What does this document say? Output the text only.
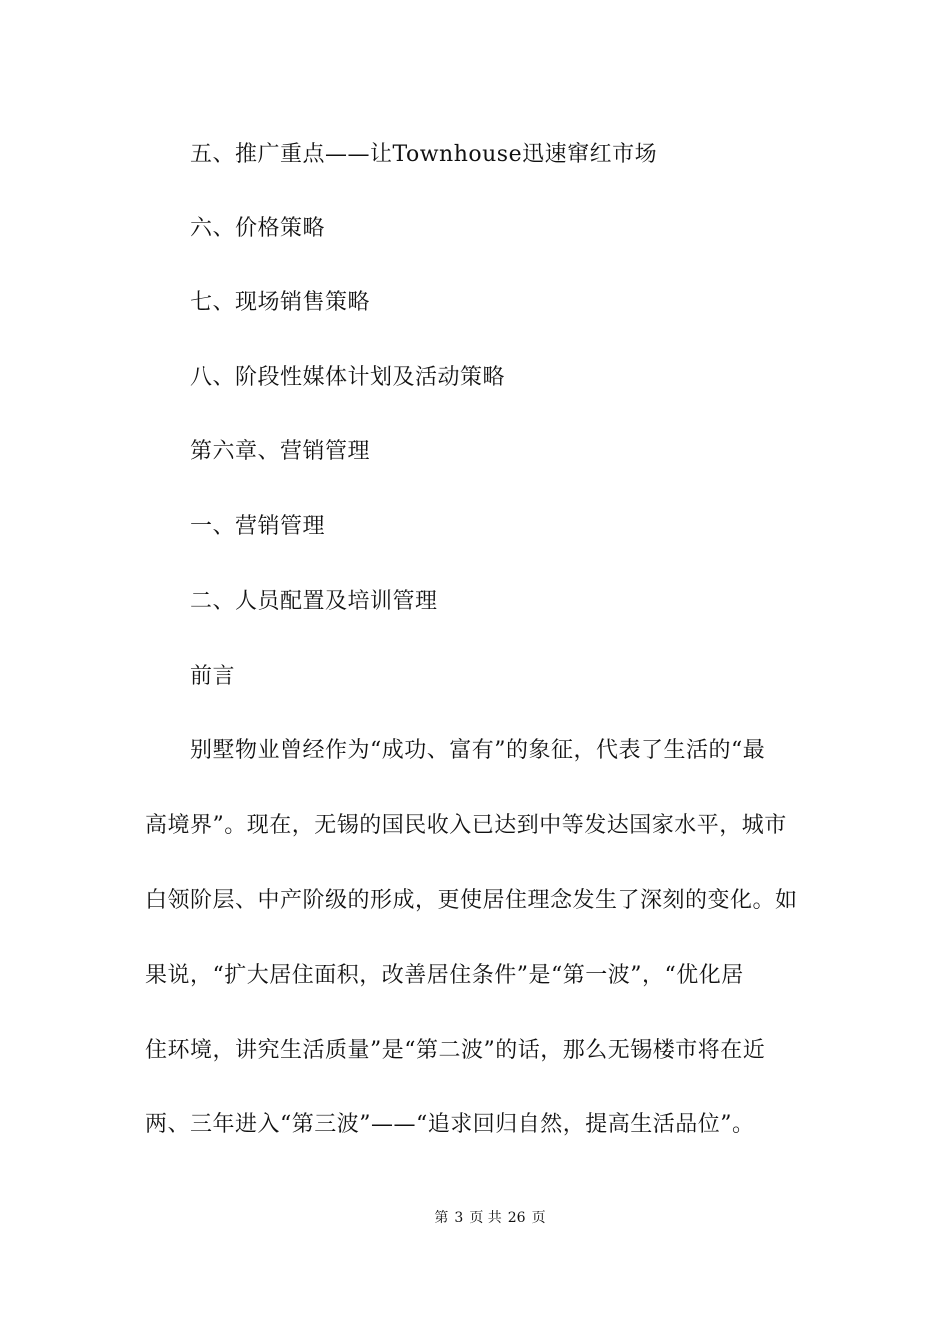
五、推广重点——让Townhouse迅速窜红市场
六、价格策略
七、现场销售策略
八、阶段性媒体计划及活动策略
第六章、营销管理
一、营销管理
二、人员配置及培训管理
前言
别墅物业曾经作为“成功、富有”的象征，代表了生活的“最
高境界”。现在，无锡的国民收入已达到中等发达国家水平，城市
白领阶层、中产阶级的形成，更使居住理念发生了深刻的变化。如
果说，“扩大居住面积，改善居住条件”是“第一波”，“优化居
住环境，讲究生活质量”是“第二波”的话，那么无锡楼市将在近
两、三年进入“第三波”——“追求回归自然，提高生活品位”。
第 3 页 共 26 页
